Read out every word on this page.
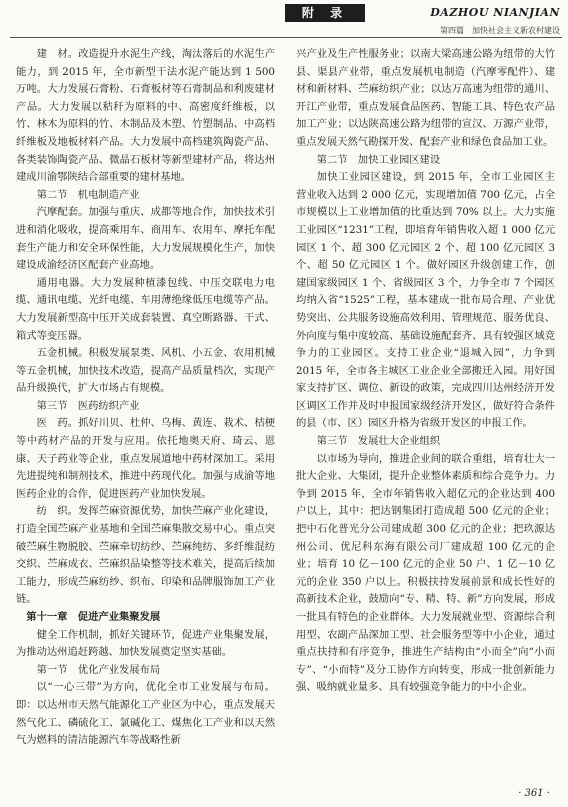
附 录	DAZHOU NIANJIAN
第四篇　加快社会主义新农村建设

建　材。改造提升水泥生产线，淘汰落后的水泥生产能力，到 2015 年，全市新型干法水泥产能达到 1 500 万吨。大力发展石膏粉、石膏板材等石膏制品和利废建材产品。大力发展以秸秆为原料的中、高密度纤维板，以竹、林木为原料的竹、木制品及木塑、竹塑制品、中高档纤维板及地板材料产品。大力发展中高档建筑陶瓷产品、各类装饰陶瓷产品、微晶石板材等新型建材产品，将达州建成川渝鄂陕结合部重要的建材基地。

第二节　机电制造产业

汽摩配套。加强与重庆、成都等地合作，加快技术引进和消化吸收，提高乘用车、商用车、农用车、摩托车配套生产能力和安全环保性能，大力发展规模化生产，加快建设成渝经济区配套产业高地。

通用电器。大力发展种植漆包线、中压交联电力电缆、通讯电缆、光纤电缆、车用薄绝缘低压电缆等产品。大力发展新型高中压开关成套装置、真空断路器、干式、箱式等变压器。

五金机械。积极发展泵类、风机、小五金、农用机械等五金机械，加快技术改造，提高产品质量档次，实现产品升级换代，扩大市场占有规模。

第三节　医药纺织产业

医　药。抓好川贝、杜仲、乌梅、黄连、栽术、桔梗等中药材产品的开发与应用。依托地奥天府、琦云、恩康、天子药业等企业，重点发展道地中药材深加工。采用先进提纯和制剂技术，推进中药现代化。加强与成渝等地医药企业的合作，促进医药产业加快发展。

纺　织。发挥苎麻资源优势，加快苎麻产业化建设，打造全国苎麻产业基地和全国苎麻集散交易中心。重点突破苎麻生物脱胶、苎麻牵切纺纱、苎麻纯纺、多纤维混纺交织、苎麻成衣、苎麻织品染整等技术难关，提高后续加工能力，形成苎麻纺纱、织布、印染和品牌服饰加工产业链。

第十一章　促进产业集聚发展

健全工作机制，抓好关键环节，促进产业集聚发展，为推动达州追赶跨越、加快发展奠定坚实基础。

第一节　优化产业发展布局

以“一心三带”为方向，优化全市工业发展与布局。即：以达州市天然气能源化工产业区为中心，重点发展天然气化工、磷硫化工、氯碱化工、煤焦化工产业和以天然气为燃料的清洁能源汽车等战略性新

兴产业及生产性服务业；以南大梁高速公路为纽带的大竹县、渠县产业带，重点发展机电制造（汽摩零配件）、建材和新材料、苎麻纺织产业；以达万高速为纽带的通川、开江产业带，重点发展食品医药、智能工具、特色农产品加工产业；以达陕高速公路为纽带的宣汉、万源产业带，重点发展天然气勘探开发、配套产业和绿色食品加工业。

第二节　加快工业园区建设

加快工业园区建设，到 2015 年，全市工业园区主营业收入达到 2 000 亿元，实现增加值 700 亿元，占全市规模以上工业增加值的比重达到 70% 以上。大力实施工业园区“1231”工程，即培育年销售收入超 1 000 亿元园区 1 个、超 300 亿元园区 2 个、超 100 亿元园区 3 个、超 50 亿元园区 1 个。做好园区升级创建工作，创建国家级园区 1 个、省级园区 3 个，力争全市 7 个园区均纳入省“1525”工程，基本建成一批布局合理、产业优势突出、公共服务设施高效利用、管理规范、服务优良、外向度与集中度较高、基础设施配套齐、具有较强区域竞争力的工业园区。支持工业企业“退城入园”，力争到 2015 年，全市各主城区工业企业全部搬迁入园。用好国家支持扩区、调位、新设的政策，完成四川达州经济开发区调区工作并及时申报国家级经济开发区，做好符合条件的县（市、区）园区升格为省级开发区的申报工作。

第三节　发展壮大企业组织

以市场为导向，推进企业间的联合重组，培育壮大一批大企业、大集团，提升企业整体素质和综合竞争力。力争到 2015 年，全市年销售收入超亿元的企业达到 400 户以上，其中：把达钢集团打造成超 500 亿元的企业；把中石化普光分公司建成超 300 亿元的企业；把玖源达州公司、优尼科东海有限公司厂建成超 100 亿元的企业；培育 10 亿－100 亿元的企业 50 户、1 亿－10 亿元的企业 350 户以上。积极扶持发展前景和成长性好的高新技术企业，鼓励向“专、精、特、新”方向发展，形成一批具有特色的企业群体。大力发展就业型、资源综合利用型、农副产品深加工型、社会服务型等中小企业，通过重点扶持和有序竞争，推进生产结构由“小而全”向“小而专”、“小而特”及分工协作方向转变，形成一批创新能力强、吸纳就业量多、具有较强竞争能力的中小企业。

· 361 ·
